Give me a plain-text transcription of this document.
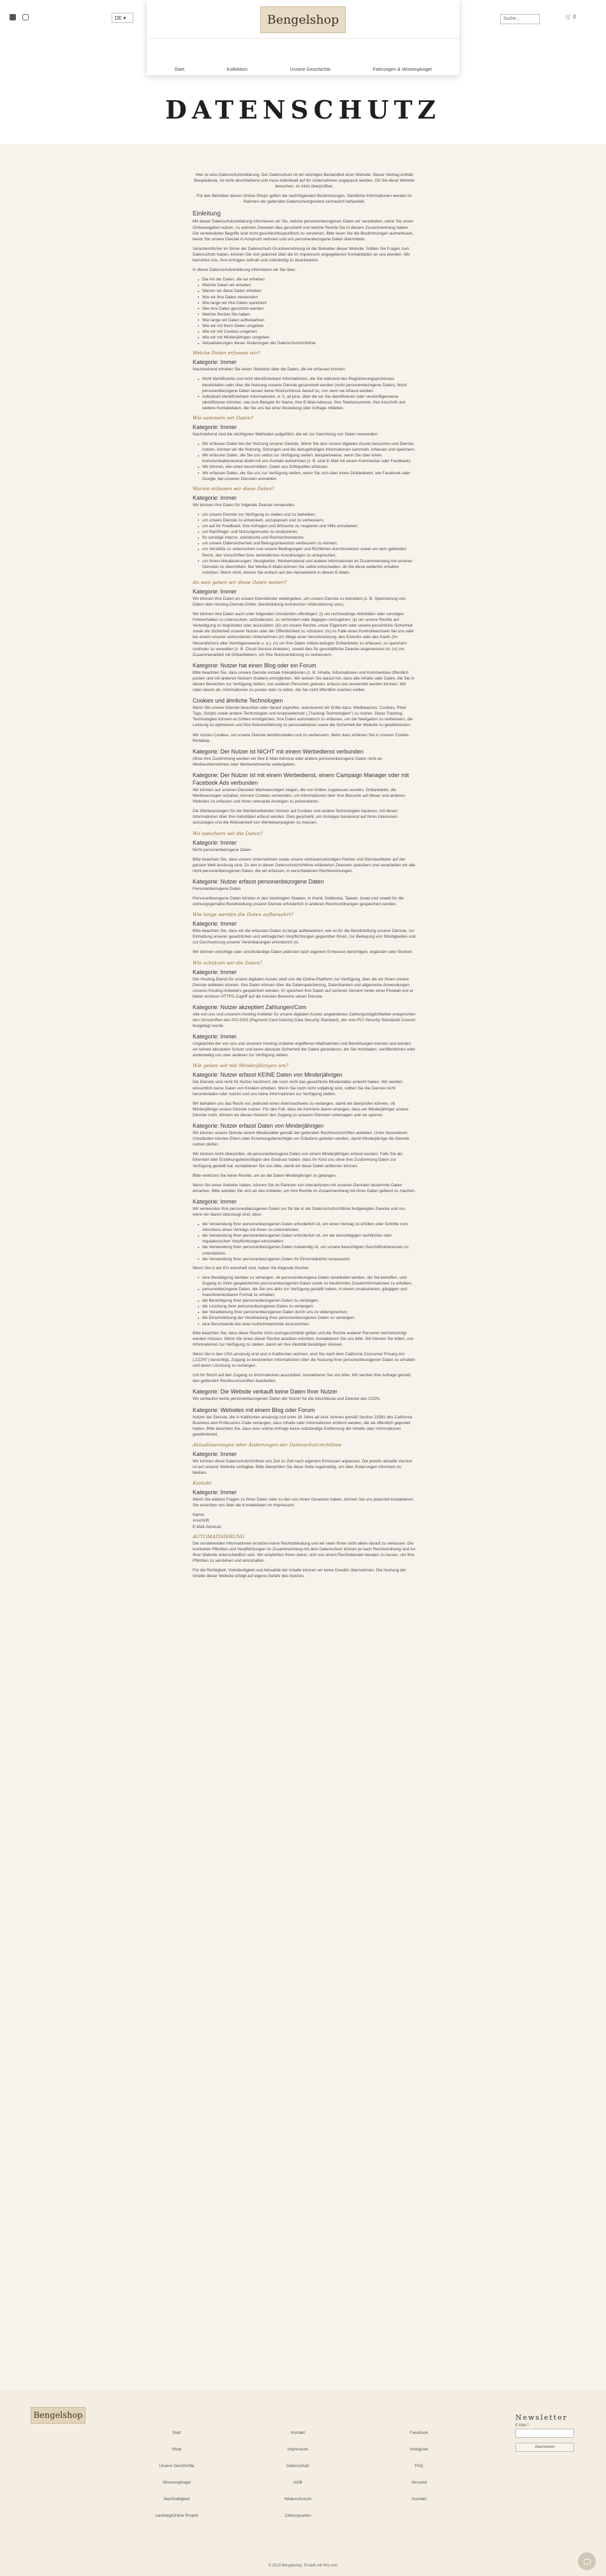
DE ▾	Suche...	🛒 0
Bengelshop
Start	Kollektion	Unsere Geschichte	Fahrungen & Wissenpkogel
DATENSCHUTZ

Hier ist eine Datenschutzerklärung. Der Datenschutz ist ein wichtiges Bestandteil einer Website. Dieser Vertrag enthält Beispieltexte, ist nicht abschließend und muss individuell auf Ihr Unternehmen angepasst werden. Ob Sie diese Website besuchen, ist nicht überprüfbar.

Für den Betreiber dieses Online-Shops gelten die nachfolgenden Bestimmungen. Sämtliche Informationen werden im Rahmen der geltenden Datenschutzgesetze vertraulich behandelt.

Einleitung

Mit dieser Datenschutzerklärung informieren wir Sie, welche personenbezogenen Daten wir verarbeiten, wenn Sie unser Onlineangebot nutzen, zu welchen Zwecken dies geschieht und welche Rechte Sie in diesem Zusammenhang haben. Die verwendeten Begriffe sind nicht geschlechtsspezifisch zu verstehen. Bitte lesen Sie die Bestimmungen aufmerksam, bevor Sie unsere Dienste in Anspruch nehmen und uns personenbezogene Daten übermitteln.

Verantwortlicher im Sinne der Datenschutz-Grundverordnung ist der Betreiber dieser Website. Sollten Sie Fragen zum Datenschutz haben, können Sie sich jederzeit über die im Impressum angegebenen Kontaktdaten an uns wenden. Wir bemühen uns, Ihre Anfragen zeitnah und vollständig zu beantworten.

In dieser Datenschutzerklärung informieren wir Sie über:

Die Art der Daten, die wir erheben
Welche Daten wir erheben
Warum wir diese Daten erheben
Wie wir Ihre Daten verwenden
Wie lange wir Ihre Daten speichern
Wie Ihre Daten geschützt werden
Welche Rechte Sie haben
Wie lange wir Daten aufbewahren
Wie wir mit Ihren Daten umgehen
Wie wir mit Cookies umgehen
Wie wir mit Minderjährigen umgehen
Aktualisierungen dieser Änderungen der Datenschutzrichtlinie
Welche Daten erfassen wir?
Kategorie: Immer

Nachstehend erhalten Sie einen Überblick über die Daten, die wir erfassen können:

Nicht identifizierte und nicht identifizierbare Informationen, die Sie während des Registrierungsprozesses bereitstellen oder über die Nutzung unserer Dienste gesammelt werden (nicht personenbezogene Daten). Nicht personenbezogene Daten lassen keine Rückschlüsse darauf zu, von wem sie erfasst wurden.
Individuell identifizierbare Informationen, d. h. all jene, über die wir Sie identifizieren oder vernünftigerweise identifizieren könnten, wie zum Beispiel Ihr Name, Ihre E-Mail-Adresse, Ihre Telefonnummer, Ihre Anschrift und weitere Kontaktdaten, die Sie uns bei einer Bestellung oder Anfrage mitteilen.
Wie sammeln wir Daten?
Kategorie: Immer

Nachstehend sind die wichtigsten Methoden aufgeführt, die wir zur Sammlung von Daten verwenden:

Wir erfassen Daten bei der Nutzung unserer Dienste. Wenn Sie also unsere digitalen Assets besuchen und Dienste nutzen, können wir die Nutzung, Sitzungen und die dazugehörigen Informationen sammeln, erfassen und speichern.
Wir erfassen Daten, die Sie uns selbst zur Verfügung stellen, beispielsweise, wenn Sie über einen Kommunikationskanal direkt mit uns Kontakt aufnehmen (z. B. eine E-Mail mit einem Kommentar oder Feedback).
Wir können, wie unten beschrieben, Daten aus Drittquellen erfassen.
Wir erfassen Daten, die Sie uns zur Verfügung stellen, wenn Sie sich über einen Drittanbieter, wie Facebook oder Google, bei unseren Diensten anmelden.
Warum erfassen wir diese Daten?
Kategorie: Immer

Wir können Ihre Daten für folgende Zwecke verwenden:

um unsere Dienste zur Verfügung zu stellen und zu betreiben;
um unsere Dienste zu entwickeln, anzupassen und zu verbessern;
um auf Ihr Feedback, Ihre Anfragen und Wünsche zu reagieren und Hilfe anzubieten;
um Nachfrage- und Nutzungsmuster zu analysieren;
für sonstige interne, statistische und Recherchezwecke;
um unsere Datensicherheit und Betrugsprävention verbessern zu können;
um Verstöße zu untersuchen und unsere Bedingungen und Richtlinien durchzusetzen sowie um dem geltenden Recht, den Vorschriften bzw. behördlichen Anordnungen zu entsprechen;
um Ihnen Aktualisierungen, Neuigkeiten, Werbematerial und andere Informationen im Zusammenhang mit unseren Diensten zu übermitteln. Bei Werbe-E-Mails können Sie selbst entscheiden, ob Sie diese weiterhin erhalten möchten. Wenn nicht, klicken Sie einfach auf den Abmeldelink in diesen E-Mails.
An wen geben wir diese Daten weiter?
Kategorie: Immer

Wir können Ihre Daten an unsere Dienstleister weitergeben, um unsere Dienste zu betreiben (z. B. Speicherung von Daten über Hosting-Dienste Dritter, Bereitstellung technischer Unterstützung usw.).

Wir können Ihre Daten auch unter folgenden Umständen offenlegen: (i) um rechtswidrige Aktivitäten oder sonstiges Fehlverhalten zu untersuchen, aufzudecken, zu verhindern oder dagegen vorzugehen; (ii) um unsere Rechte auf Verteidigung zu begründen oder auszuüben; (iii) um unsere Rechte, unser Eigentum oder unsere persönliche Sicherheit sowie die Sicherheit unserer Nutzer oder der Öffentlichkeit zu schützen; (iv) im Falle eines Kontrollwechsels bei uns oder bei einem unserer verbundenen Unternehmen (im Wege einer Verschmelzung, des Erwerbs oder des Kaufs (im Wesentlichen) aller Vermögenswerte u. a.); (v) um Ihre Daten mittels befugter Drittanbieter zu erfassen, zu speichern und/oder zu verwalten (z. B. Cloud-Service-Anbieter), soweit dies für geschäftliche Zwecke angemessen ist; (vi) zur Zusammenarbeit mit Drittanbietern, um Ihre Nutzererfahrung zu verbessern.

Kategorie: Nutzer hat einen Blog oder ein Forum

Bitte beachten Sie, dass unsere Dienste soziale Interaktionen (z. B. Inhalte, Informationen und Kommentare öffentlich posten und mit anderen Nutzern chatten) ermöglichen. Wir weisen Sie darauf hin, dass alle Inhalte oder Daten, die Sie in diesen Bereichen zur Verfügung stellen, von anderen Personen gelesen, erfasst und verwendet werden können. Wir raten davon ab, Informationen zu posten oder zu teilen, die Sie nicht öffentlich machen wollen.

Cookies und ähnliche Technologien

Wenn Sie unsere Dienste besuchen oder darauf zugreifen, autorisieren wir Dritte dazu, Webbeacons, Cookies, Pixel Tags, Scripts sowie andere Technologien und Analysedienste („Tracking-Technologien") zu nutzen. Diese Tracking-Technologien können es Dritten ermöglichen, Ihre Daten automatisch zu erfassen, um die Navigation zu verbessern, die Leistung zu optimieren und Ihre Nutzererfahrung zu personalisieren sowie die Sicherheit der Website zu gewährleisten.

Wir nutzen Cookies, um unsere Dienste bereitzustellen und zu verbessern. Mehr dazu erfahren Sie in unserer Cookie-Richtlinie.

Kategorie: Der Nutzer ist NICHT mit einem Werbedienst verbunden

Ohne Ihre Zustimmung werden wir Ihre E-Mail-Adresse oder andere personenbezogene Daten nicht an Werbeunternehmen oder Werbenetzwerke weitergeben.

Kategorie: Der Nutzer ist mit einem Werbedienst, einem Campaign Manager oder mit Facebook Ads verbunden

Wir können auf unseren Diensten Werbeanzeigen zeigen, die von Dritten zugelassen wurden. Drittanbieter, die Werbeanzeigen schalten, können Cookies verwenden, um Informationen über Ihre Besuche auf dieser und anderen Websites zu erfassen und Ihnen relevante Anzeigen zu präsentieren.

Die Werbeanzeigen für die Werbetreibenden können auf Cookies und andere Technologien basieren, mit denen Informationen über Ihre Aktivitäten erfasst werden. Dies geschieht, um Anzeigen basierend auf Ihren Interessen anzuzeigen und die Wirksamkeit von Werbekampagnen zu messen.

Wo speichern wir die Daten?
Kategorie: Immer

Nicht-personenbezogene Daten

Bitte beachten Sie, dass unsere Unternehmen sowie unsere vertrauenswürdigen Partner und Dienstanbieter auf der ganzen Welt ansässig sind. Zu den in dieser Datenschutzrichtlinie erläuterten Zwecken speichern und verarbeiten wir alle nicht-personenbezogenen Daten, die wir erfassen, in verschiedenen Rechtsordnungen.

Kategorie: Nutzer erfasst personenbezogene Daten

Personenbezogene Daten

Personenbezogene Daten können in den Vereinigten Staaten, in Irland, Südkorea, Taiwan, Israel und soweit für die ordnungsgemäße Bereitstellung unserer Dienste erforderlich in anderen Rechtsordnungen gespeichert werden.

Wie lange werden die Daten aufbewahrt?
Kategorie: Immer

Bitte beachten Sie, dass wir die erfassten Daten so lange aufbewahren, wie es für die Bereitstellung unserer Dienste, zur Einhaltung unserer gesetzlichen und vertraglichen Verpflichtungen gegenüber Ihnen, zur Beilegung von Streitigkeiten und zur Durchsetzung unserer Vereinbarungen erforderlich ist.

Wir können unrichtige oder unvollständige Daten jederzeit nach eigenem Ermessen berichtigen, ergänzen oder löschen.

Wie schützen wir die Daten?
Kategorie: Immer

Der Hosting-Dienst für unsere digitalen Assets stellt uns die Online-Plattform zur Verfügung, über die wir Ihnen unsere Dienste anbieten können. Ihre Daten können über die Datenspeicherung, Datenbanken und allgemeine Anwendungen unseres Hosting-Anbieters gespeichert werden. Er speichert Ihre Daten auf sicheren Servern hinter einer Firewall und er bietet sicheren HTTPS-Zugriff auf die meisten Bereiche seiner Dienste.

Kategorie: Nutzer akzeptiert Zahlungen/Com

Alle von uns und unserem Hosting-Anbieter für unsere digitalen Assets angebotenen Zahlungsmöglichkeiten entsprechen den Vorschriften des PCI-DSS (Payment Card Industry Data Security Standard), der vom PCI Security Standards Council festgelegt wurde.

Kategorie: Immer

Ungeachtet der von uns und unserem Hosting-Anbieter ergriffenen Maßnahmen und Bemühungen können und werden wir keinen absoluten Schutz und keine absolute Sicherheit der Daten garantieren, die Sie hochladen, veröffentlichen oder anderweitig uns oder anderen zur Verfügung stellen.

Wie gehen wir mit Minderjährigen um?
Kategorie: Nutzer erfasst KEINE Daten von Minderjährigen

Die Dienste sind nicht für Nutzer bestimmt, die noch nicht das gesetzliche Mindestalter erreicht haben. Wir werden wissentlich keine Daten von Kindern erheben. Wenn Sie noch nicht volljährig sind, sollten Sie die Dienste nicht herunterladen oder nutzen und uns keine Informationen zur Verfügung stellen.

Wir behalten uns das Recht vor, jederzeit einen Altersnachweis zu verlangen, damit wir überprüfen können, ob Minderjährige unsere Dienste nutzen. Für den Fall, dass wir Kenntnis davon erlangen, dass ein Minderjähriger unsere Dienste nutzt, können wir diesen Nutzern den Zugang zu unseren Diensten untersagen und sie sperren.

Kategorie: Nutzer erfasst Daten von Minderjährigen

Wir können unsere Dienste einem Mindestalter gemäß der geltenden Rechtsvorschriften anbieten. Unter besonderen Umständen können Eltern oder Erziehungsberechtigte um Erlaubnis gebeten werden, damit Minderjährige die Dienste nutzen dürfen.

Wir können nicht überprüfen, ob personenbezogene Daten von einem Minderjährigen erfasst wurden. Falls Sie als Elternteil oder Erziehungsberechtigter den Eindruck haben, dass Ihr Kind uns ohne Ihre Zustimmung Daten zur Verfügung gestellt hat, kontaktieren Sie uns bitte, damit wir diese Daten entfernen können.

Bitte verletzen Sie keine Rechte, um an die Daten Minderjähriger zu gelangen.

Wenn Sie einen Anbieter haben, können Sie im Rahmen von Interaktionen mit unseren Diensten bestimmte Daten einsehen. Bitte wenden Sie sich an den Anbieter, um Ihre Rechte im Zusammenhang mit Ihren Daten geltend zu machen.

Kategorie: Immer

Wir verwenden Ihre personenbezogenen Daten nur für die in der Datenschutzrichtlinie festgelegten Zwecke und nur, wenn wir davon überzeugt sind, dass:

die Verwendung Ihrer personenbezogenen Daten erforderlich ist, um einen Vertrag zu erfüllen oder Schritte zum Abschluss eines Vertrags mit Ihnen zu unternehmen;
die Verwendung Ihrer personenbezogenen Daten erforderlich ist, um die einschlägigen rechtlichen oder regulatorischen Verpflichtungen einzuhalten;
die Verwendung Ihrer personenbezogenen Daten notwendig ist, um unsere berechtigten Geschäftsinteressen zu unterstützen.
die Verwendung Ihrer personenbezogenen Daten Ihr Einverständnis voraussetzt.

Wenn Sie in der EU wohnhaft sind, haben Sie folgende Rechte:

eine Bestätigung darüber zu verlangen, ob personenbezogene Daten verarbeitet werden, die Sie betreffen, und Zugang zu Ihren gespeicherten personenbezogenen Daten sowie zu bestimmten Zusatzinformationen zu erhalten;
personenbezogene Daten, die Sie uns aktiv zur Verfügung gestellt haben, in einem strukturierten, gängigen und maschinenlesbaren Format zu erhalten;
die Berichtigung Ihrer personenbezogenen Daten zu verlangen;
die Löschung Ihrer personenbezogenen Daten zu verlangen;
der Verarbeitung Ihrer personenbezogenen Daten durch uns zu widersprechen;
die Einschränkung der Verarbeitung Ihrer personenbezogenen Daten zu verlangen;
eine Beschwerde bei einer Aufsichtsbehörde einzureichen.

Bitte beachten Sie, dass diese Rechte nicht uneingeschränkt gelten und die Rechte anderer Personen berücksichtigt werden müssen. Wenn Sie eines dieser Rechte ausüben möchten, kontaktieren Sie uns bitte. Wir können Sie bitten, uns Informationen zur Verfügung zu stellen, damit wir Ihre Identität bestätigen können.

Wenn Sie in den USA ansässig sind und in Kalifornien wohnen, sind Sie nach dem California Consumer Privacy Act („CCPA") berechtigt, Zugang zu bestimmten Informationen über die Nutzung Ihrer personenbezogenen Daten zu erhalten und deren Löschung zu verlangen.

Um Ihr Recht auf den Zugang zu Informationen auszuüben, kontaktieren Sie uns bitte. Wir werden Ihre Anfrage gemäß den geltenden Rechtsvorschriften bearbeiten.

Kategorie: Die Website verkauft keine Daten Ihrer Nutzer

Wir verkaufen keine personenbezogenen Daten der Nutzer für die Abschlüsse und Zwecke des CCPA.

Kategorie: Websites mit einem Blog oder Forum

Nutzer der Dienste, die in Kalifornien ansässig und unter 18 Jahre alt sind, können gemäß Section 22581 des California Business and Professions Code verlangen, dass Inhalte oder Informationen entfernt werden, die sie öffentlich gepostet haben. Bitte beachten Sie, dass eine solche Anfrage keine vollständige Entfernung der Inhalte oder Informationen gewährleistet.

Aktualisierungen oder Änderungen der Datenschutzrichtlinie
Kategorie: Immer

Wir können diese Datenschutzrichtlinie von Zeit zu Zeit nach eigenem Ermessen anpassen. Die jeweils aktuelle Version ist auf unserer Website verfügbar. Bitte überprüfen Sie diese Seite regelmäßig, um über Änderungen informiert zu bleiben.

Kontakt
Kategorie: Immer

Wenn Sie weitere Fragen zu Ihren Daten oder zu den von Ihnen Gesetzen haben, können Sie uns jederzeit kontaktieren. Sie erreichen uns über die Kontaktdaten im Impressum.

Name:

Anschrift:

E-Mail-Adresse:

AUTOMATISIERUNG

Die vorstehenden Informationen ersetzen keine Rechtsberatung und wir raten Ihnen nicht allein darauf zu verlassen. Die konkreten Pflichten und Verpflichtungen im Zusammenhang mit dem Datenschutz können je nach Rechtsordnung und Art Ihrer Website unterschiedlich sein. Wir empfehlen Ihnen daher, sich von einem Rechtsberater beraten zu lassen, um Ihre Pflichten zu verstehen und einzuhalten.

Für die Richtigkeit, Vollständigkeit und Aktualität der Inhalte können wir keine Gewähr übernehmen. Die Nutzung der Inhalte dieser Website erfolgt auf eigene Gefahr des Nutzers.

Bengelshop
Start
Shop
Unsere Geschichte
Wissenspkogel
Nachhaltigkeit
Laufsteg/Online Projekt
Kontakt
Impressum
Datenschutz
AGB
Widerrufsrecht
Zahlungsarten
Facebook
Instagram
FAQ
Versand
Kontakt
Newsletter
E-Mail *
Abonnieren
© 2023 Bengelshop. Erstellt mit Wix.com
